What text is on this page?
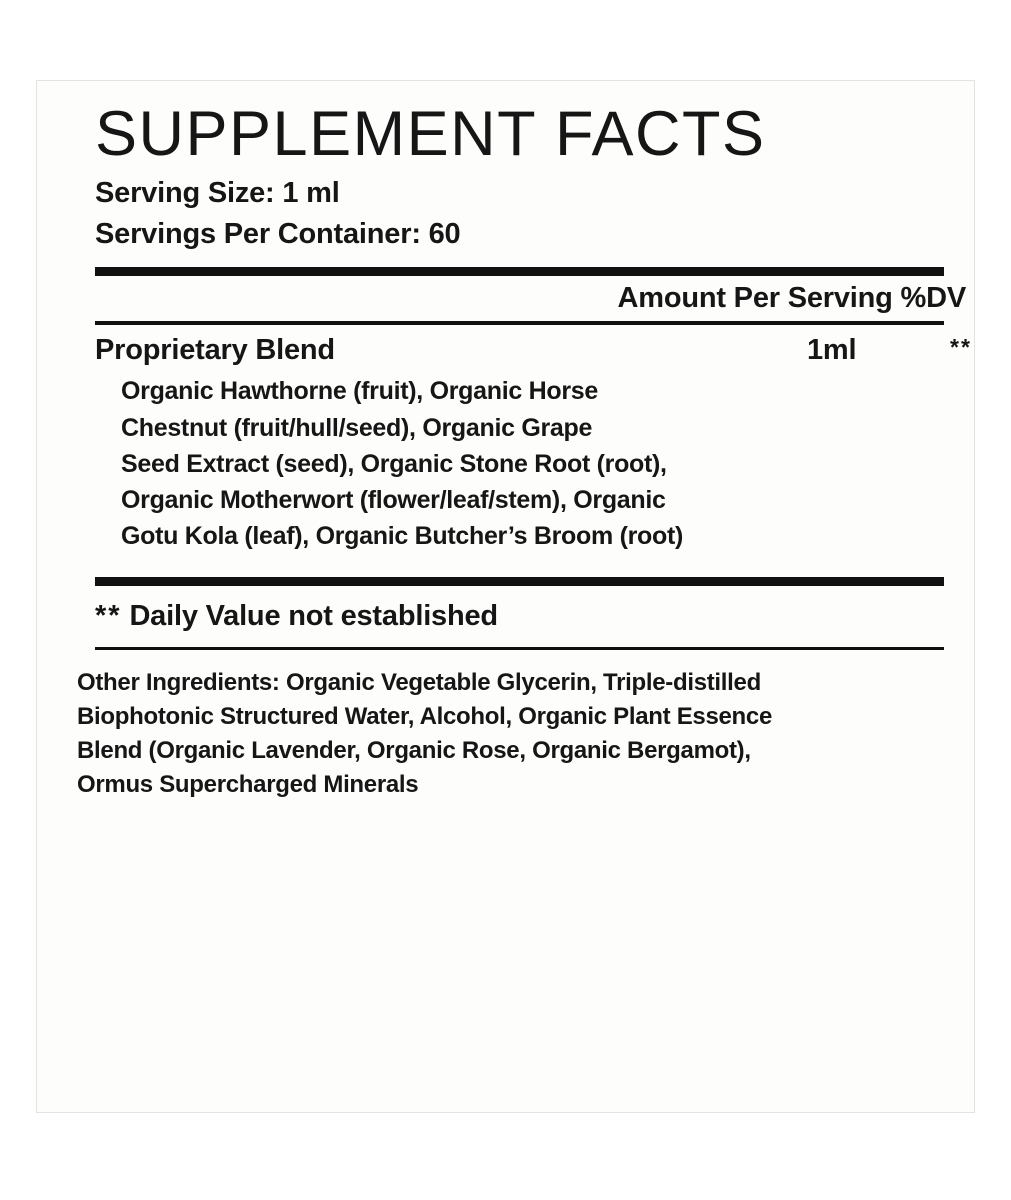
SUPPLEMENT FACTS
Serving Size: 1 ml
Servings Per Container: 60
Amount Per Serving %DV
Proprietary Blend	1ml	**
Organic Hawthorne (fruit), Organic Horse
Chestnut (fruit/hull/seed), Organic Grape
Seed Extract (seed), Organic Stone Root (root),
Organic Motherwort (flower/leaf/stem), Organic
Gotu Kola (leaf), Organic Butcher’s Broom (root)
** Daily Value not established
Other Ingredients: Organic Vegetable Glycerin, Triple-distilled
Biophotonic Structured Water, Alcohol, Organic Plant Essence
Blend (Organic Lavender, Organic Rose, Organic Bergamot),
Ormus Supercharged Minerals
